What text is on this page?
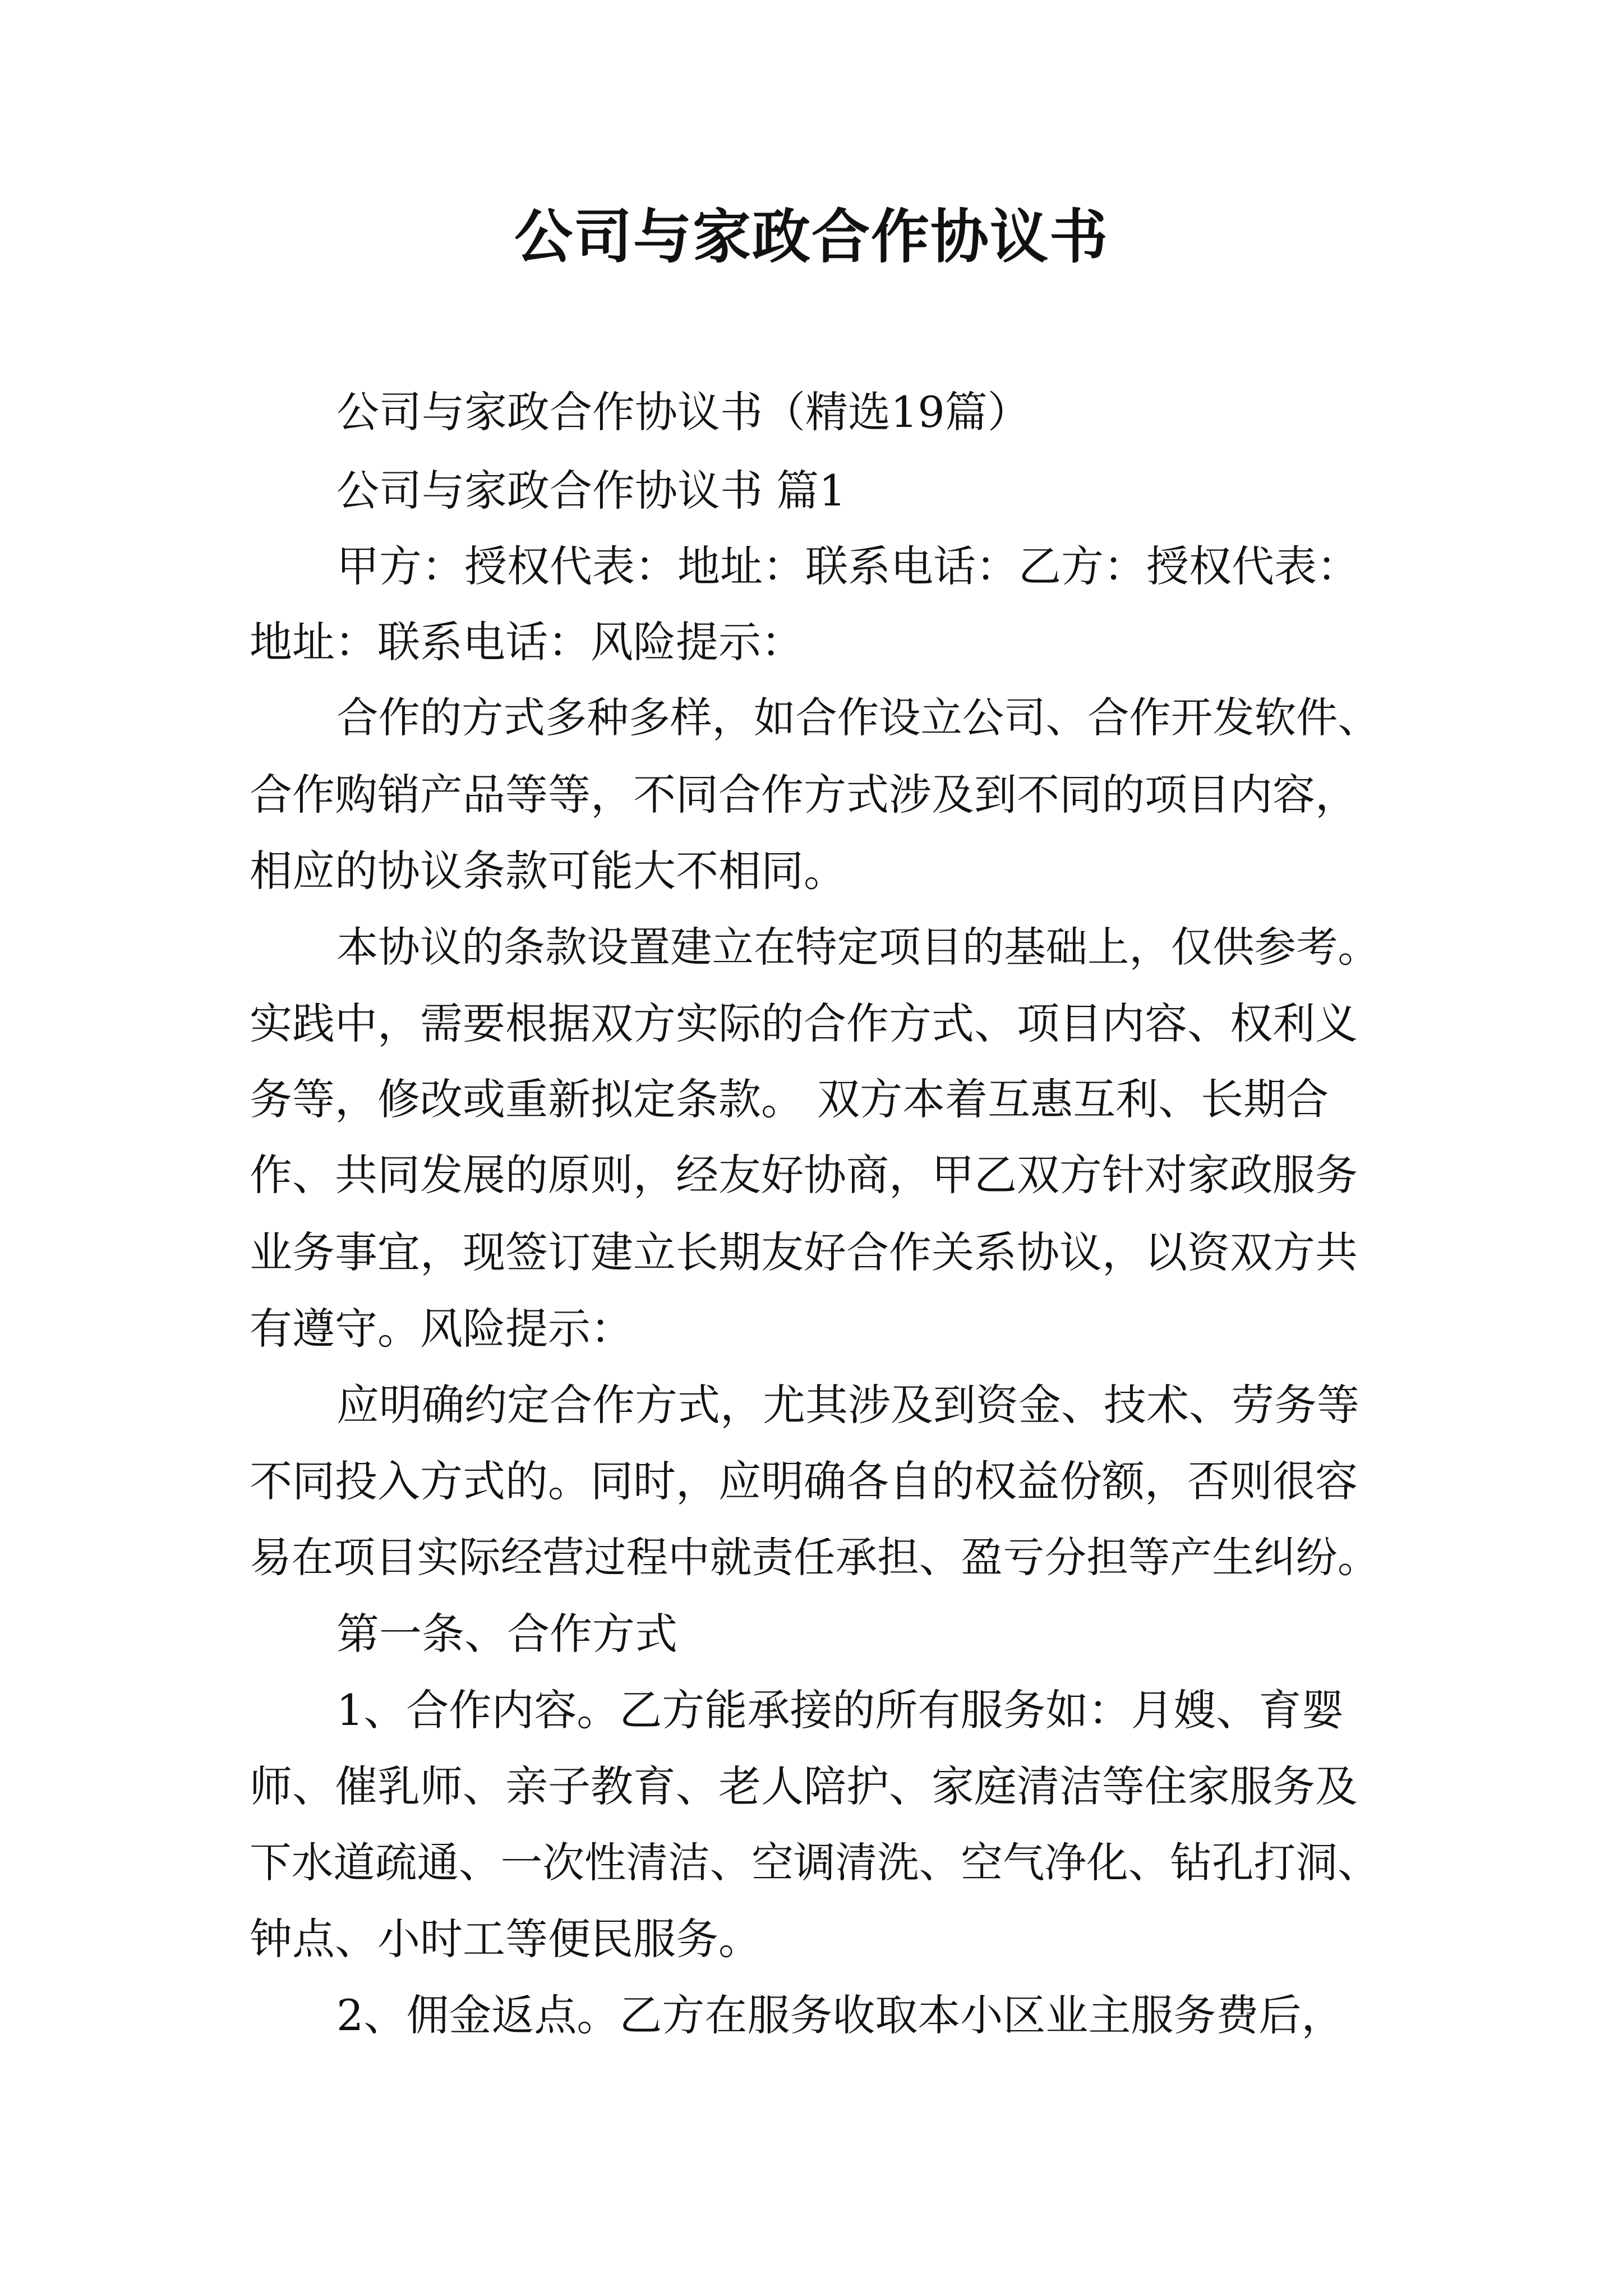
公司与家政合作协议书
公司与家政合作协议书（精选19篇）
公司与家政合作协议书 篇1
甲方：授权代表：地址：联系电话：乙方：授权代表：
地址：联系电话：风险提示：
合作的方式多种多样，如合作设立公司、合作开发软件、
合作购销产品等等，不同合作方式涉及到不同的项目内容，
相应的协议条款可能大不相同。
本协议的条款设置建立在特定项目的基础上，仅供参考。
实践中，需要根据双方实际的合作方式、项目内容、权利义
务等，修改或重新拟定条款。 双方本着互惠互利、长期合
作、共同发展的原则，经友好协商，甲乙双方针对家政服务
业务事宜，现签订建立长期友好合作关系协议，以资双方共
有遵守。风险提示：
应明确约定合作方式，尤其涉及到资金、技术、劳务等
不同投入方式的。同时，应明确各自的权益份额，否则很容
易在项目实际经营过程中就责任承担、盈亏分担等产生纠纷。
第一条、合作方式
1、合作内容。乙方能承接的所有服务如：月嫂、育婴
师、催乳师、亲子教育、老人陪护、家庭清洁等住家服务及
下水道疏通、一次性清洁、空调清洗、空气净化、钻孔打洞、
钟点、小时工等便民服务。
2、佣金返点。乙方在服务收取本小区业主服务费后，
